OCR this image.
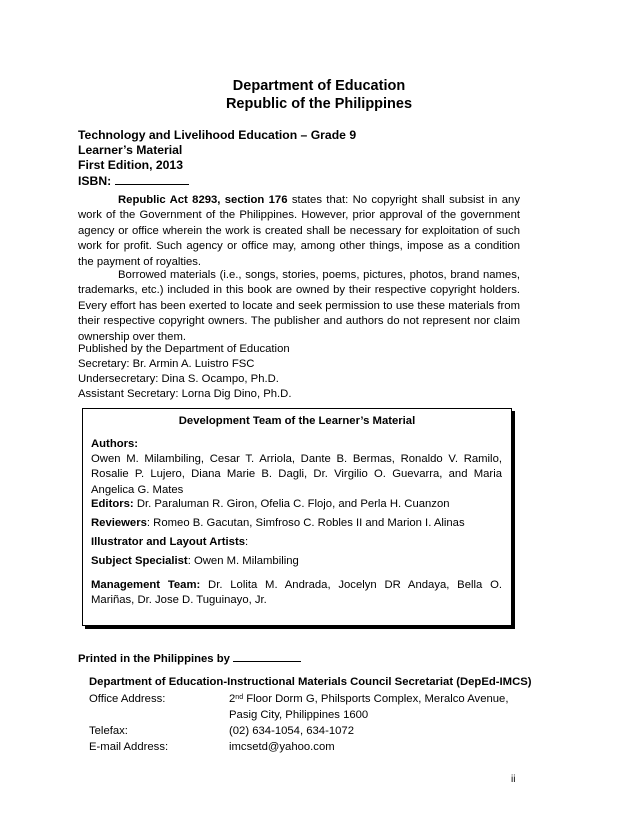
Department of Education
Republic of the Philippines
Technology and Livelihood Education – Grade 9
Learner’s Material
First Edition, 2013
ISBN:
Republic Act 8293, section 176 states that: No copyright shall subsist in any work of the Government of the Philippines. However, prior approval of the government agency or office wherein the work is created shall be necessary for exploitation of such work for profit. Such agency or office may, among other things, impose as a condition the payment of royalties.
Borrowed materials (i.e., songs, stories, poems, pictures, photos, brand names, trademarks, etc.) included in this book are owned by their respective copyright holders. Every effort has been exerted to locate and seek permission to use these materials from their respective copyright owners. The publisher and authors do not represent nor claim ownership over them.
Published by the Department of Education
Secretary: Br. Armin A. Luistro FSC
Undersecretary: Dina S. Ocampo, Ph.D.
Assistant Secretary: Lorna Dig Dino, Ph.D.
Development Team of the Learner’s Material
Authors:
Owen M. Milambiling, Cesar T. Arriola, Dante B. Bermas, Ronaldo V. Ramilo, Rosalie P. Lujero, Diana Marie B. Dagli, Dr. Virgilio O. Guevarra, and Maria Angelica G. Mates
Editors: Dr. Paraluman R. Giron, Ofelia C. Flojo, and Perla H. Cuanzon
Reviewers: Romeo B. Gacutan, Simfroso C. Robles II and Marion I. Alinas
Illustrator and Layout Artists:
Subject Specialist: Owen M. Milambiling
Management Team: Dr. Lolita M. Andrada, Jocelyn DR Andaya, Bella O. Mariñas, Dr. Jose D. Tuguinayo, Jr.
Printed in the Philippines by
Department of Education-Instructional Materials Council Secretariat (DepEd-IMCS)
Office Address:	2nd Floor Dorm G, Philsports Complex, Meralco Avenue,
Pasig City, Philippines 1600
Telefax:	(02) 634-1054, 634-1072
E-mail Address:	imcsetd@yahoo.com
ii
